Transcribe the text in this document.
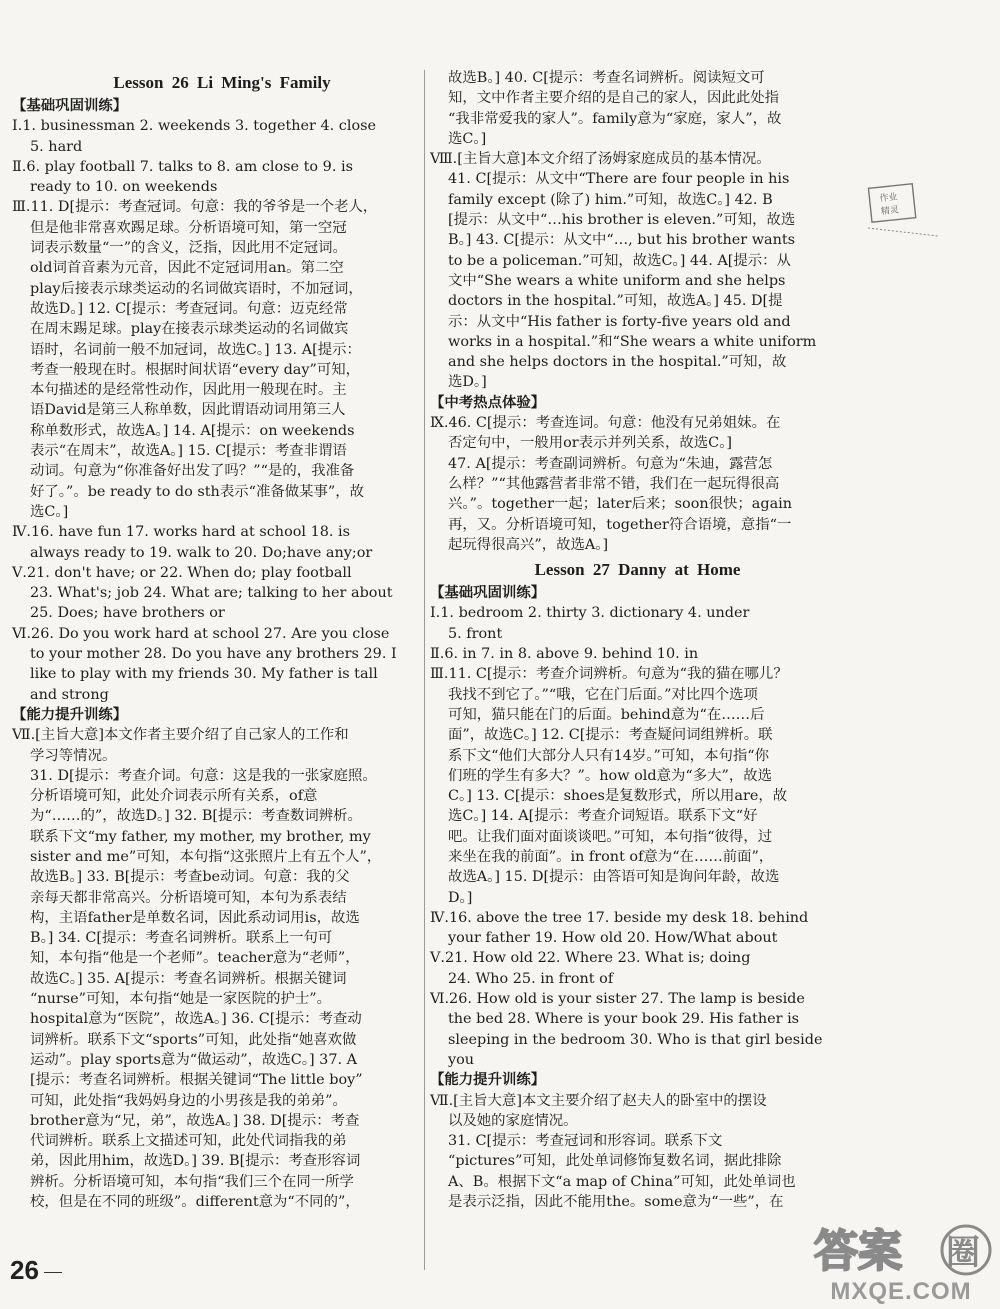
Lesson 26 Li Ming's Family
【基础巩固训练】
Ⅰ.1. businessman 2. weekends 3. together 4. close
5. hard
Ⅱ.6. play football 7. talks to 8. am close to 9. is
ready to 10. on weekends
Ⅲ.11. D[提示：考查冠词。句意：我的爷爷是一个老人，
但是他非常喜欢踢足球。分析语境可知，第一空冠
词表示数量“一”的含义，泛指，因此用不定冠词。
old词首音素为元音，因此不定冠词用an。第二空
play后接表示球类运动的名词做宾语时，不加冠词，
故选D。] 12. C[提示：考查冠词。句意：迈克经常
在周末踢足球。play在接表示球类运动的名词做宾
语时，名词前一般不加冠词，故选C。] 13. A[提示：
考查一般现在时。根据时间状语“every day”可知，
本句描述的是经常性动作，因此用一般现在时。主
语David是第三人称单数，因此谓语动词用第三人
称单数形式，故选A。] 14. A[提示：on weekends
表示“在周末”，故选A。] 15. C[提示：考查非谓语
动词。句意为“你准备好出发了吗？”“是的，我准备
好了。”。be ready to do sth表示“准备做某事”，故
选C。]
Ⅳ.16. have fun 17. works hard at school 18. is
always ready to 19. walk to 20. Do;have any;or
Ⅴ.21. don't have; or 22. When do; play football
23. What's; job 24. What are; talking to her about
25. Does; have brothers or
Ⅵ.26. Do you work hard at school 27. Are you close
to your mother 28. Do you have any brothers 29. I
like to play with my friends 30. My father is tall
and strong
【能力提升训练】
Ⅶ.[主旨大意]本文作者主要介绍了自己家人的工作和
学习等情况。
31. D[提示：考查介词。句意：这是我的一张家庭照。
分析语境可知，此处介词表示所有关系，of意
为“……的”，故选D。] 32. B[提示：考查数词辨析。
联系下文“my father, my mother, my brother, my
sister and me”可知，本句指“这张照片上有五个人”，
故选B。] 33. B[提示：考查be动词。句意：我的父
亲每天都非常高兴。分析语境可知，本句为系表结
构，主语father是单数名词，因此系动词用is，故选
B。] 34. C[提示：考查名词辨析。联系上一句可
知，本句指“他是一个老师”。teacher意为“老师”，
故选C。] 35. A[提示：考查名词辨析。根据关键词
“nurse”可知，本句指“她是一家医院的护士”。
hospital意为“医院”，故选A。] 36. C[提示：考查动
词辨析。联系下文“sports”可知，此处指“她喜欢做
运动”。play sports意为“做运动”，故选C。] 37. A
[提示：考查名词辨析。根据关键词“The little boy”
可知，此处指“我妈妈身边的小男孩是我的弟弟”。
brother意为“兄，弟”，故选A。] 38. D[提示：考查
代词辨析。联系上文描述可知，此处代词指我的弟
弟，因此用him，故选D。] 39. B[提示：考查形容词
辨析。分析语境可知，本句指“我们三个在同一所学
校，但是在不同的班级”。different意为“不同的”，
故选B。] 40. C[提示：考查名词辨析。阅读短文可
知，文中作者主要介绍的是自己的家人，因此此处指
“我非常爱我的家人”。family意为“家庭，家人”，故
选C。]
Ⅷ.[主旨大意]本文介绍了汤姆家庭成员的基本情况。
41. C[提示：从文中“There are four people in his
family except (除了) him.”可知，故选C。] 42. B
[提示：从文中“…his brother is eleven.”可知，故选
B。] 43. C[提示：从文中“…, but his brother wants
to be a policeman.”可知，故选C。] 44. A[提示：从
文中“She wears a white uniform and she helps
doctors in the hospital.”可知，故选A。] 45. D[提
示：从文中“His father is forty-five years old and
works in a hospital.”和“She wears a white uniform
and she helps doctors in the hospital.”可知，故
选D。]
【中考热点体验】
Ⅸ.46. C[提示：考查连词。句意：他没有兄弟姐妹。在
否定句中，一般用or表示并列关系，故选C。]
47. A[提示：考查副词辨析。句意为“朱迪，露营怎
么样？”“其他露营者非常不错，我们在一起玩得很高
兴。”。together一起；later后来；soon很快；again
再，又。分析语境可知，together符合语境，意指“一
起玩得很高兴”，故选A。]
Lesson 27 Danny at Home
【基础巩固训练】
Ⅰ.1. bedroom 2. thirty 3. dictionary 4. under
5. front
Ⅱ.6. in 7. in 8. above 9. behind 10. in
Ⅲ.11. C[提示：考查介词辨析。句意为“我的猫在哪儿？
我找不到它了。”“哦，它在门后面。”对比四个选项
可知，猫只能在门的后面。behind意为“在……后
面”，故选C。] 12. C[提示：考查疑问词组辨析。联
系下文“他们大部分人只有14岁。”可知，本句指“你
们班的学生有多大？”。how old意为“多大”，故选
C。] 13. C[提示：shoes是复数形式，所以用are，故
选C。] 14. A[提示：考查介词短语。联系下文“好
吧。让我们面对面谈谈吧。”可知，本句指“彼得，过
来坐在我的前面”。in front of意为“在……前面”，
故选A。] 15. D[提示：由答语可知是询问年龄，故选
D。]
Ⅳ.16. above the tree 17. beside my desk 18. behind
your father 19. How old 20. How/What about
Ⅴ.21. How old 22. Where 23. What is; doing
24. Who 25. in front of
Ⅵ.26. How old is your sister 27. The lamp is beside
the bed 28. Where is your book 29. His father is
sleeping in the bedroom 30. Who is that girl beside
you
【能力提升训练】
Ⅶ.[主旨大意]本文主要介绍了赵夫人的卧室中的摆设
以及她的家庭情况。
31. C[提示：考查冠词和形容词。联系下文
“pictures”可知，此处单词修饰复数名词，据此排除
A、B。根据下文“a map of China”可知，此处单词也
是表示泛指，因此不能用the。some意为“一些”，在
作业
精灵
26	答案 圈
MXQE.COM
